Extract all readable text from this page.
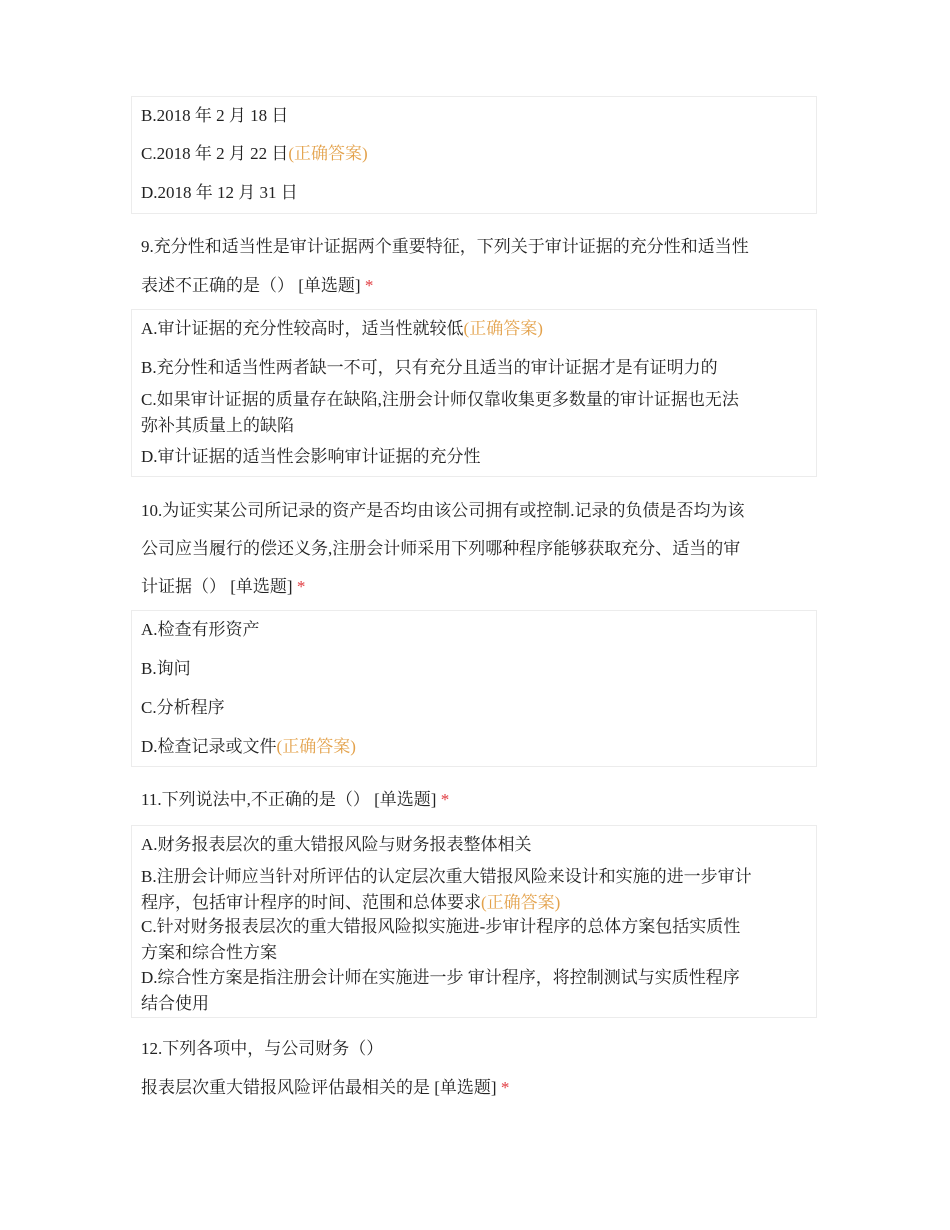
B.2018 年 2 月 18 日
C.2018 年 2 月 22 日(正确答案)
D.2018 年 12 月 31 日
9.充分性和适当性是审计证据两个重要特征，下列关于审计证据的充分性和适当性
表述不正确的是（） [单选题] *
A.审计证据的充分性较高时，适当性就较低(正确答案)
B.充分性和适当性两者缺一不可，只有充分且适当的审计证据才是有证明力的
C.如果审计证据的质量存在缺陷,注册会计师仅靠收集更多数量的审计证据也无法
弥补其质量上的缺陷
D.审计证据的适当性会影响审计证据的充分性
10.为证实某公司所记录的资产是否均由该公司拥有或控制.记录的负债是否均为该
公司应当履行的偿还义务,注册会计师采用下列哪种程序能够获取充分、适当的审
计证据（） [单选题] *
A.检查有形资产
B.询问
C.分析程序
D.检查记录或文件(正确答案)
11.下列说法中,不正确的是（） [单选题] *
A.财务报表层次的重大错报风险与财务报表整体相关
B.注册会计师应当针对所评估的认定层次重大错报风险来设计和实施的进一步审计
程序，包括审计程序的时间、范围和总体要求(正确答案)
C.针对财务报表层次的重大错报风险拟实施进-步审计程序的总体方案包括实质性
方案和综合性方案
D.综合性方案是指注册会计师在实施进一步 审计程序，将控制测试与实质性程序
结合使用
12.下列各项中，与公司财务（）
报表层次重大错报风险评估最相关的是 [单选题] *
